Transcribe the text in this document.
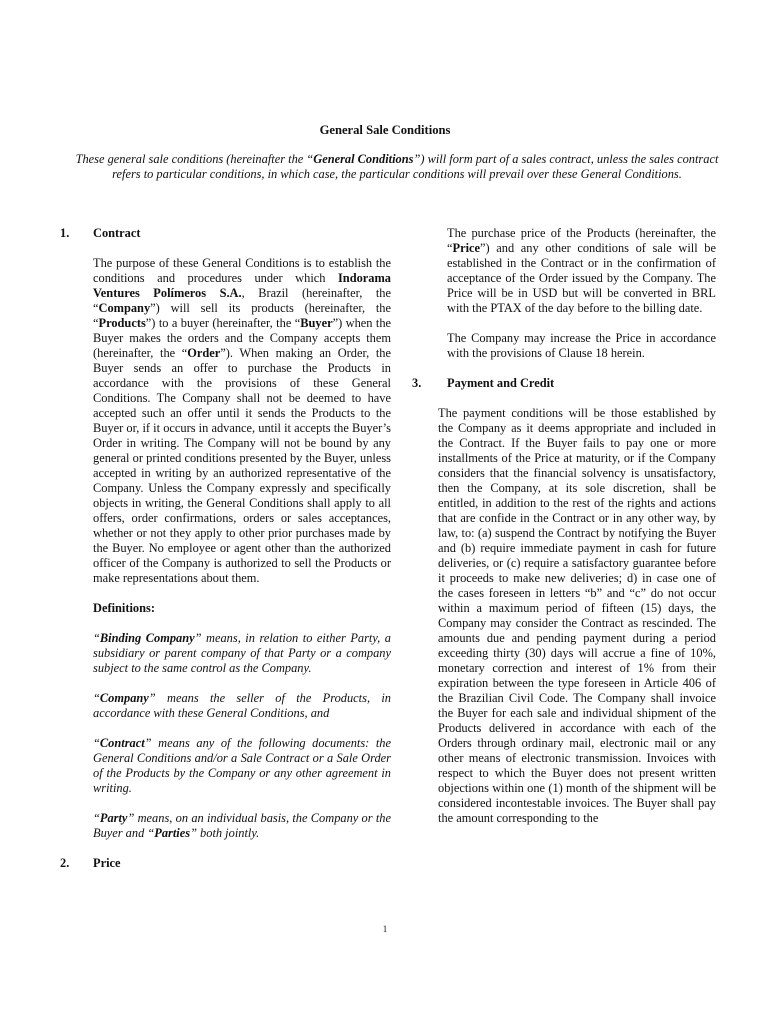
General Sale Conditions
These general sale conditions (hereinafter the “General Conditions”) will form part of a sales contract, unless the sales contract refers to particular conditions, in which case, the particular conditions will prevail over these General Conditions.
1. Contract

The purpose of these General Conditions is to establish the conditions and procedures under which Indorama Ventures Polímeros S.A., Brazil (hereinafter, the “Company”) will sell its products (hereinafter, the “Products”) to a buyer (hereinafter, the “Buyer”) when the Buyer makes the orders and the Company accepts them (hereinafter, the “Order”). When making an Order, the Buyer sends an offer to purchase the Products in accordance with the provisions of these General Conditions. The Company shall not be deemed to have accepted such an offer until it sends the Products to the Buyer or, if it occurs in advance, until it accepts the Buyer’s Order in writing. The Company will not be bound by any general or printed conditions presented by the Buyer, unless accepted in writing by an authorized representative of the Company. Unless the Company expressly and specifically objects in writing, the General Conditions shall apply to all offers, order confirmations, orders or sales acceptances, whether or not they apply to other prior purchases made by the Buyer. No employee or agent other than the authorized officer of the Company is authorized to sell the Products or make representations about them.

Definitions:

“Binding Company” means, in relation to either Party, a subsidiary or parent company of that Party or a company subject to the same control as the Company.

“Company” means the seller of the Products, in accordance with these General Conditions, and

“Contract” means any of the following documents: the General Conditions and/or a Sale Contract or a Sale Order of the Products by the Company or any other agreement in writing.

“Party” means, on an individual basis, the Company or the Buyer and “Parties” both jointly.

2. Price

The purchase price of the Products (hereinafter, the “Price”) and any other conditions of sale will be established in the Contract or in the confirmation of acceptance of the Order issued by the Company. The Price will be in USD but will be converted in BRL with the PTAX of the day before to the billing date.

The Company may increase the Price in accordance with the provisions of Clause 18 herein.

3. Payment and Credit

The payment conditions will be those established by the Company as it deems appropriate and included in the Contract. If the Buyer fails to pay one or more installments of the Price at maturity, or if the Company considers that the financial solvency is unsatisfactory, then the Company, at its sole discretion, shall be entitled, in addition to the rest of the rights and actions that are confide in the Contract or in any other way, by law, to: (a) suspend the Contract by notifying the Buyer and (b) require immediate payment in cash for future deliveries, or (c) require a satisfactory guarantee before it proceeds to make new deliveries; d) in case one of the cases foreseen in letters “b” and “c” do not occur within a maximum period of fifteen (15) days, the Company may consider the Contract as rescinded. The amounts due and pending payment during a period exceeding thirty (30) days will accrue a fine of 10%, monetary correction and interest of 1% from their expiration between the type foreseen in Article 406 of the Brazilian Civil Code. The Company shall invoice the Buyer for each sale and individual shipment of the Products delivered in accordance with each of the Orders through ordinary mail, electronic mail or any other means of electronic transmission. Invoices with respect to which the Buyer does not present written objections within one (1) month of the shipment will be considered incontestable invoices. The Buyer shall pay the amount corresponding to the

1
